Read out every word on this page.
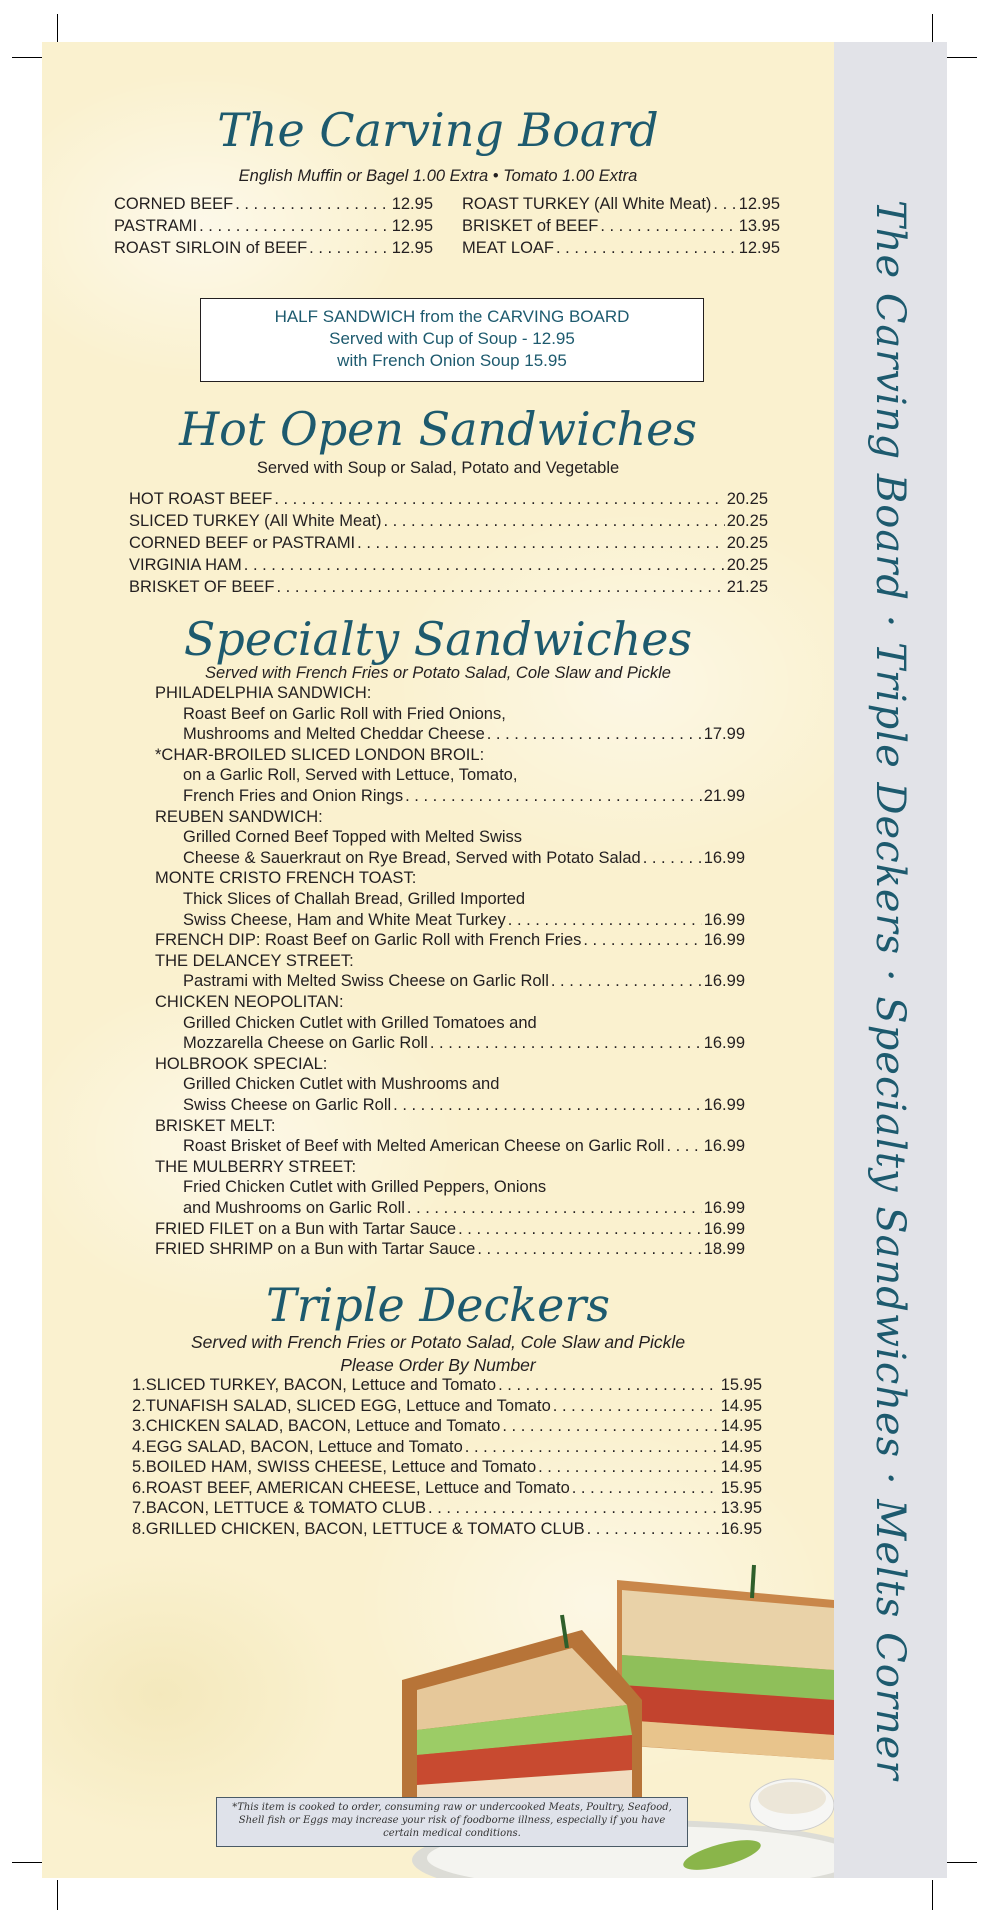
The Carving Board · Triple Deckers · Specialty Sandwiches · Melts Corner
The Carving Board

English Muffin or Bagel 1.00 Extra • Tomato 1.00 Extra

CORNED BEEF . . .	12.95
PASTRAMI . . .	12.95
ROAST SIRLOIN of BEEF . . .	12.95
ROAST TURKEY (All White Meat) . . . 12.95
BRISKET of BEEF . . .	13.95
MEAT LOAF . . .	12.95
HALF SANDWICH from the CARVING BOARD
Served with Cup of Soup - 12.95
with French Onion Soup 15.95
Hot Open Sandwiches

Served with Soup or Salad, Potato and Vegetable

HOT ROAST BEEF . . .	20.25
SLICED TURKEY (All White Meat) . . .	20.25
CORNED BEEF or PASTRAMI . . .	20.25
VIRGINIA HAM . . .	20.25
BRISKET OF BEEF . . .	21.25
Specialty Sandwiches

Served with French Fries or Potato Salad, Cole Slaw and Pickle

PHILADELPHIA SANDWICH:
Roast Beef on Garlic Roll with Fried Onions,
Mushrooms and Melted Cheddar Cheese . . .	17.99
*CHAR-BROILED SLICED LONDON BROIL:
on a Garlic Roll, Served with Lettuce, Tomato,
French Fries and Onion Rings . . .	21.99
REUBEN SANDWICH:
Grilled Corned Beef Topped with Melted Swiss
Cheese & Sauerkraut on Rye Bread, Served with Potato Salad . . .	16.99
MONTE CRISTO FRENCH TOAST:
Thick Slices of Challah Bread, Grilled Imported
Swiss Cheese, Ham and White Meat Turkey . . .	16.99
FRENCH DIP: Roast Beef on Garlic Roll with French Fries . . .	16.99
THE DELANCEY STREET:
Pastrami with Melted Swiss Cheese on Garlic Roll . . .	16.99
CHICKEN NEOPOLITAN:
Grilled Chicken Cutlet with Grilled Tomatoes and
Mozzarella Cheese on Garlic Roll . . .	16.99
HOLBROOK SPECIAL:
Grilled Chicken Cutlet with Mushrooms and
Swiss Cheese on Garlic Roll . . .	16.99
BRISKET MELT:
Roast Brisket of Beef with Melted American Cheese on Garlic Roll . . . 16.99
THE MULBERRY STREET:
Fried Chicken Cutlet with Grilled Peppers, Onions
and Mushrooms on Garlic Roll . . .	16.99
FRIED FILET on a Bun with Tartar Sauce . . .	16.99
FRIED SHRIMP on a Bun with Tartar Sauce . . .	18.99
Triple Deckers

Served with French Fries or Potato Salad, Cole Slaw and Pickle

Please Order By Number

1. SLICED TURKEY, BACON, Lettuce and Tomato . . .	15.95
2. TUNAFISH SALAD, SLICED EGG, Lettuce and Tomato . . .	14.95
3. CHICKEN SALAD, BACON, Lettuce and Tomato . . .	14.95
4. EGG SALAD, BACON, Lettuce and Tomato . . .	14.95
5. BOILED HAM, SWISS CHEESE, Lettuce and Tomato . . .	14.95
6. ROAST BEEF, AMERICAN CHEESE, Lettuce and Tomato . . .	15.95
7. BACON, LETTUCE & TOMATO CLUB . . .	13.95
8. GRILLED CHICKEN, BACON, LETTUCE & TOMATO CLUB . . .	16.95
*This item is cooked to order, consuming raw or undercooked Meats, Poultry, Seafood, Shell fish or Eggs may increase your risk of foodborne illness, especially if you have certain medical conditions.
